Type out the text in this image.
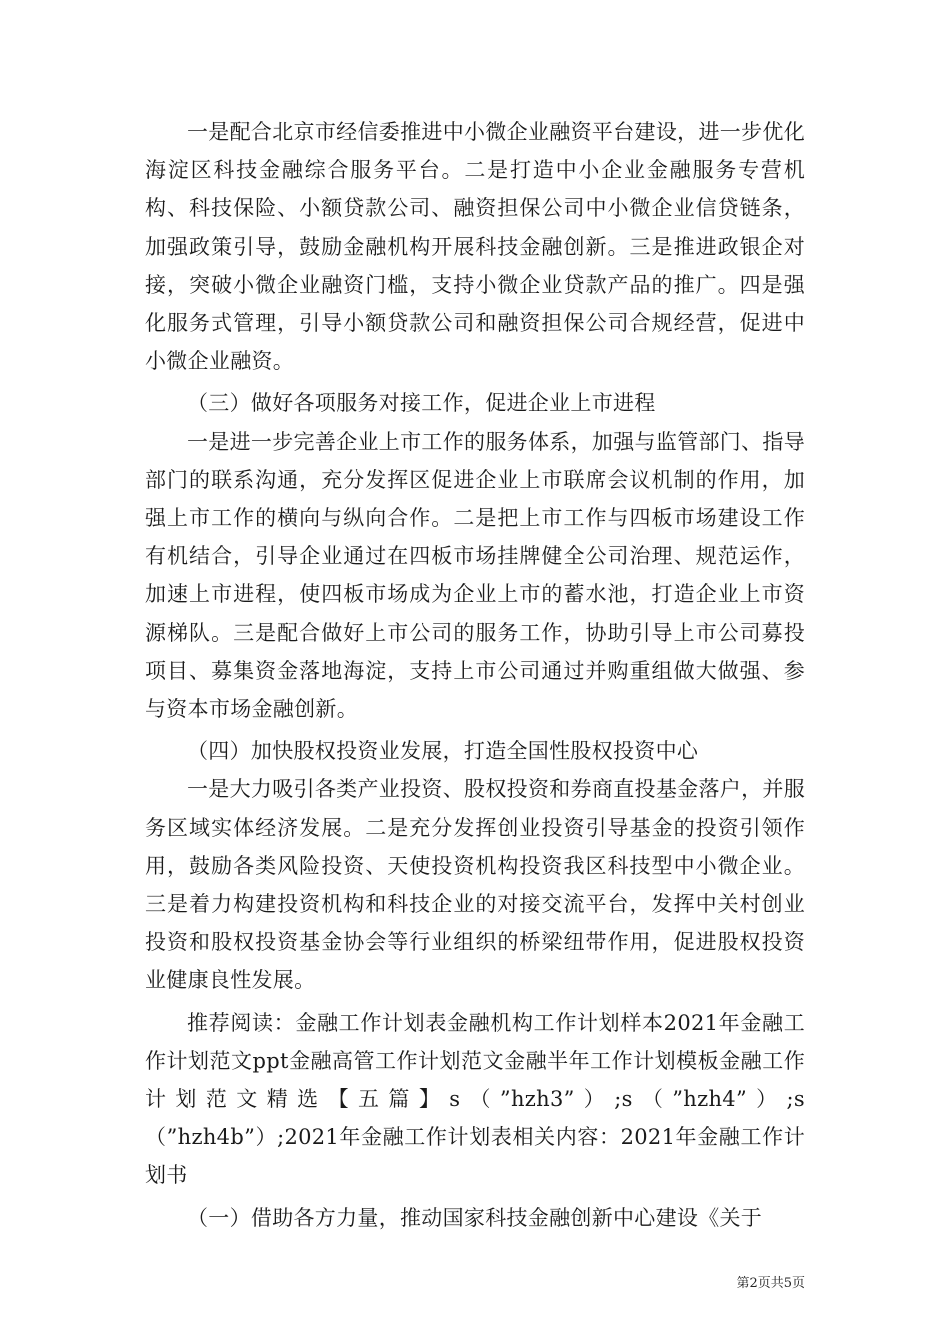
一是配合北京市经信委推进中小微企业融资平台建设，进一步优化海淀区科技金融综合服务平台。二是打造中小企业金融服务专营机构、科技保险、小额贷款公司、融资担保公司中小微企业信贷链条，加强政策引导，鼓励金融机构开展科技金融创新。三是推进政银企对接，突破小微企业融资门槛，支持小微企业贷款产品的推广。四是强化服务式管理，引导小额贷款公司和融资担保公司合规经营，促进中小微企业融资。

（三）做好各项服务对接工作，促进企业上市进程

一是进一步完善企业上市工作的服务体系，加强与监管部门、指导部门的联系沟通，充分发挥区促进企业上市联席会议机制的作用，加强上市工作的横向与纵向合作。二是把上市工作与四板市场建设工作有机结合，引导企业通过在四板市场挂牌健全公司治理、规范运作，加速上市进程，使四板市场成为企业上市的蓄水池，打造企业上市资源梯队。三是配合做好上市公司的服务工作，协助引导上市公司募投项目、募集资金落地海淀，支持上市公司通过并购重组做大做强、参与资本市场金融创新。

（四）加快股权投资业发展，打造全国性股权投资中心

一是大力吸引各类产业投资、股权投资和券商直投基金落户，并服务区域实体经济发展。二是充分发挥创业投资引导基金的投资引领作用，鼓励各类风险投资、天使投资机构投资我区科技型中小微企业。三是着力构建投资机构和科技企业的对接交流平台，发挥中关村创业投资和股权投资基金协会等行业组织的桥梁纽带作用，促进股权投资业健康良性发展。

推荐阅读：金融工作计划表金融机构工作计划样本2021年金融工作计划范文ppt金融高管工作计划范文金融半年工作计划模板金融工作计划范文精选【五篇】s（”hzh3”）;s（”hzh4”）;s（”hzh4b”）;2021年金融工作计划表相关内容：2021年金融工作计划书

（一）借助各方力量，推动国家科技金融创新中心建设《关于

第2页共5页
